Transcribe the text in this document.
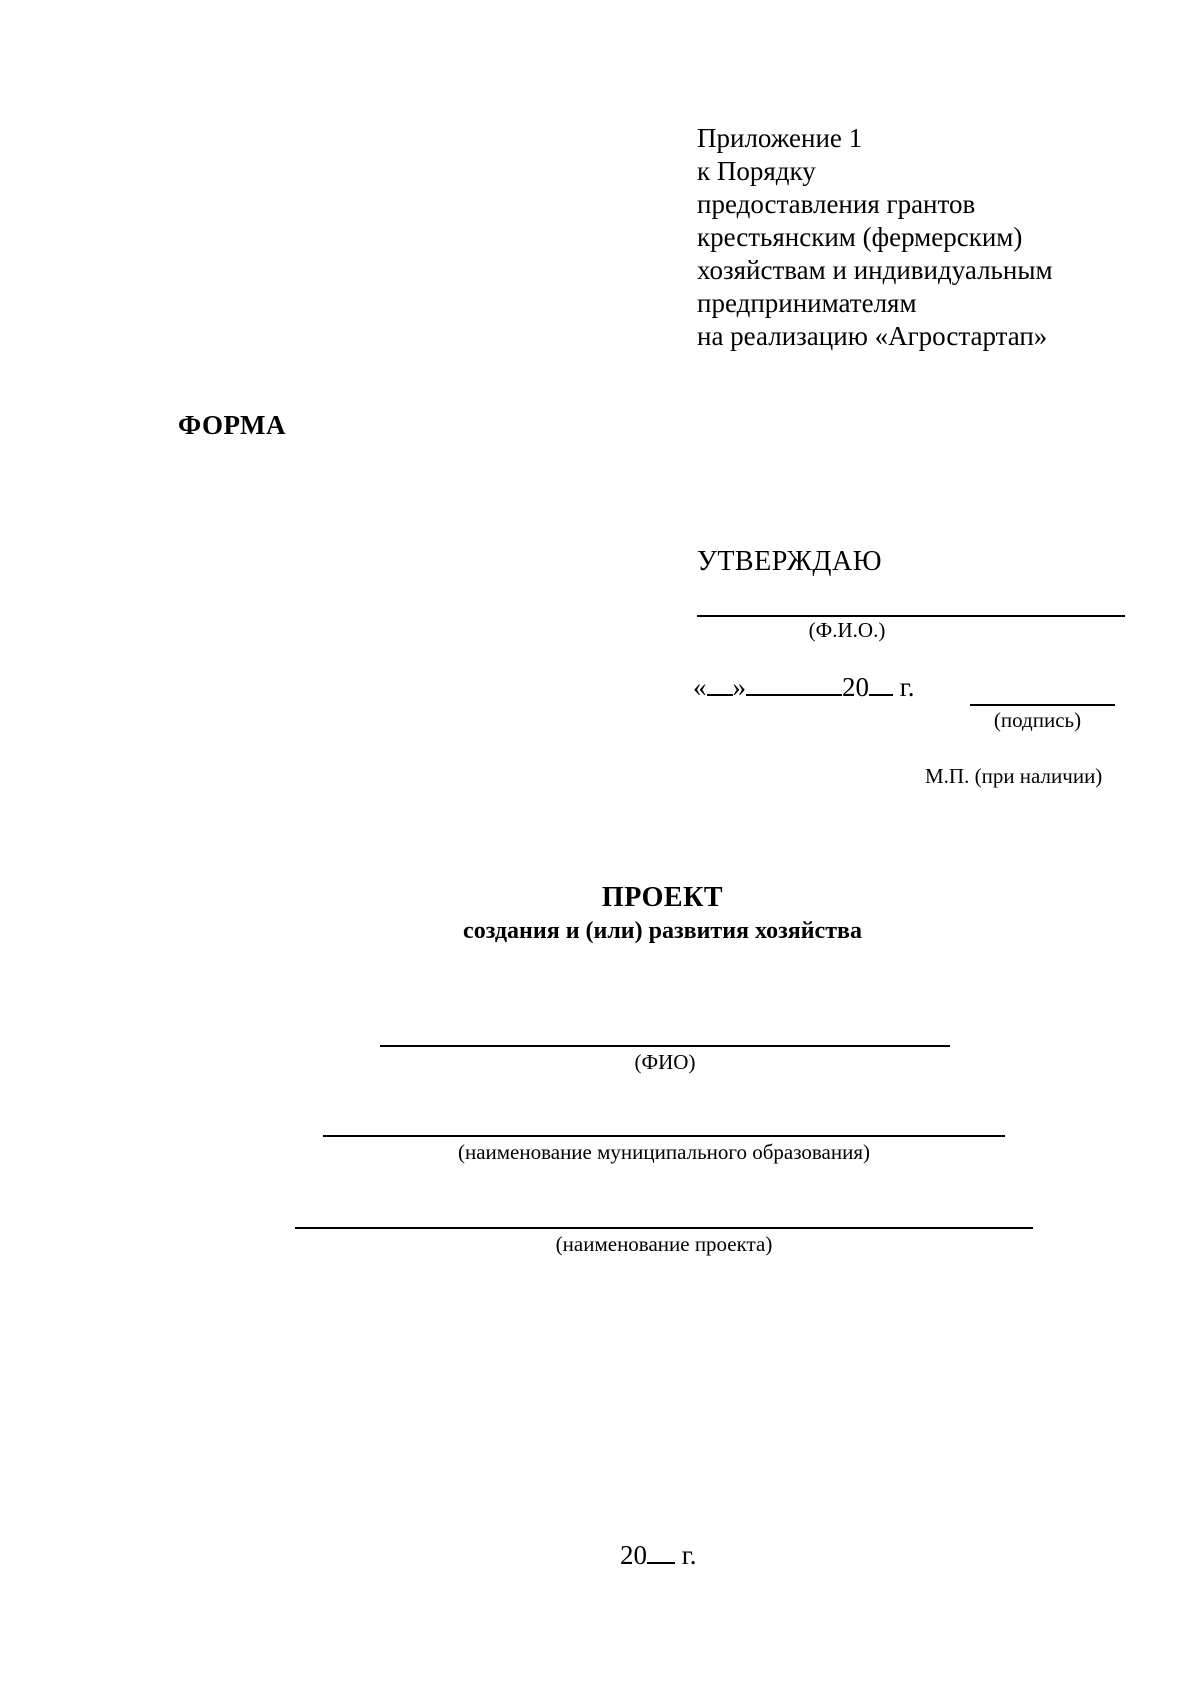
Приложение 1
к Порядку
предоставления грантов
крестьянским (фермерским)
хозяйствам и индивидуальным
предпринимателям
на реализацию «Агростартап»
ФОРМА
УТВЕРЖДАЮ
(Ф.И.О.)
« »	20 г.
(подпись)
М.П. (при наличии)
ПРОЕКТ
создания и (или) развития хозяйства
(ФИО)
(наименование муниципального образования)
(наименование проекта)
20 г.
